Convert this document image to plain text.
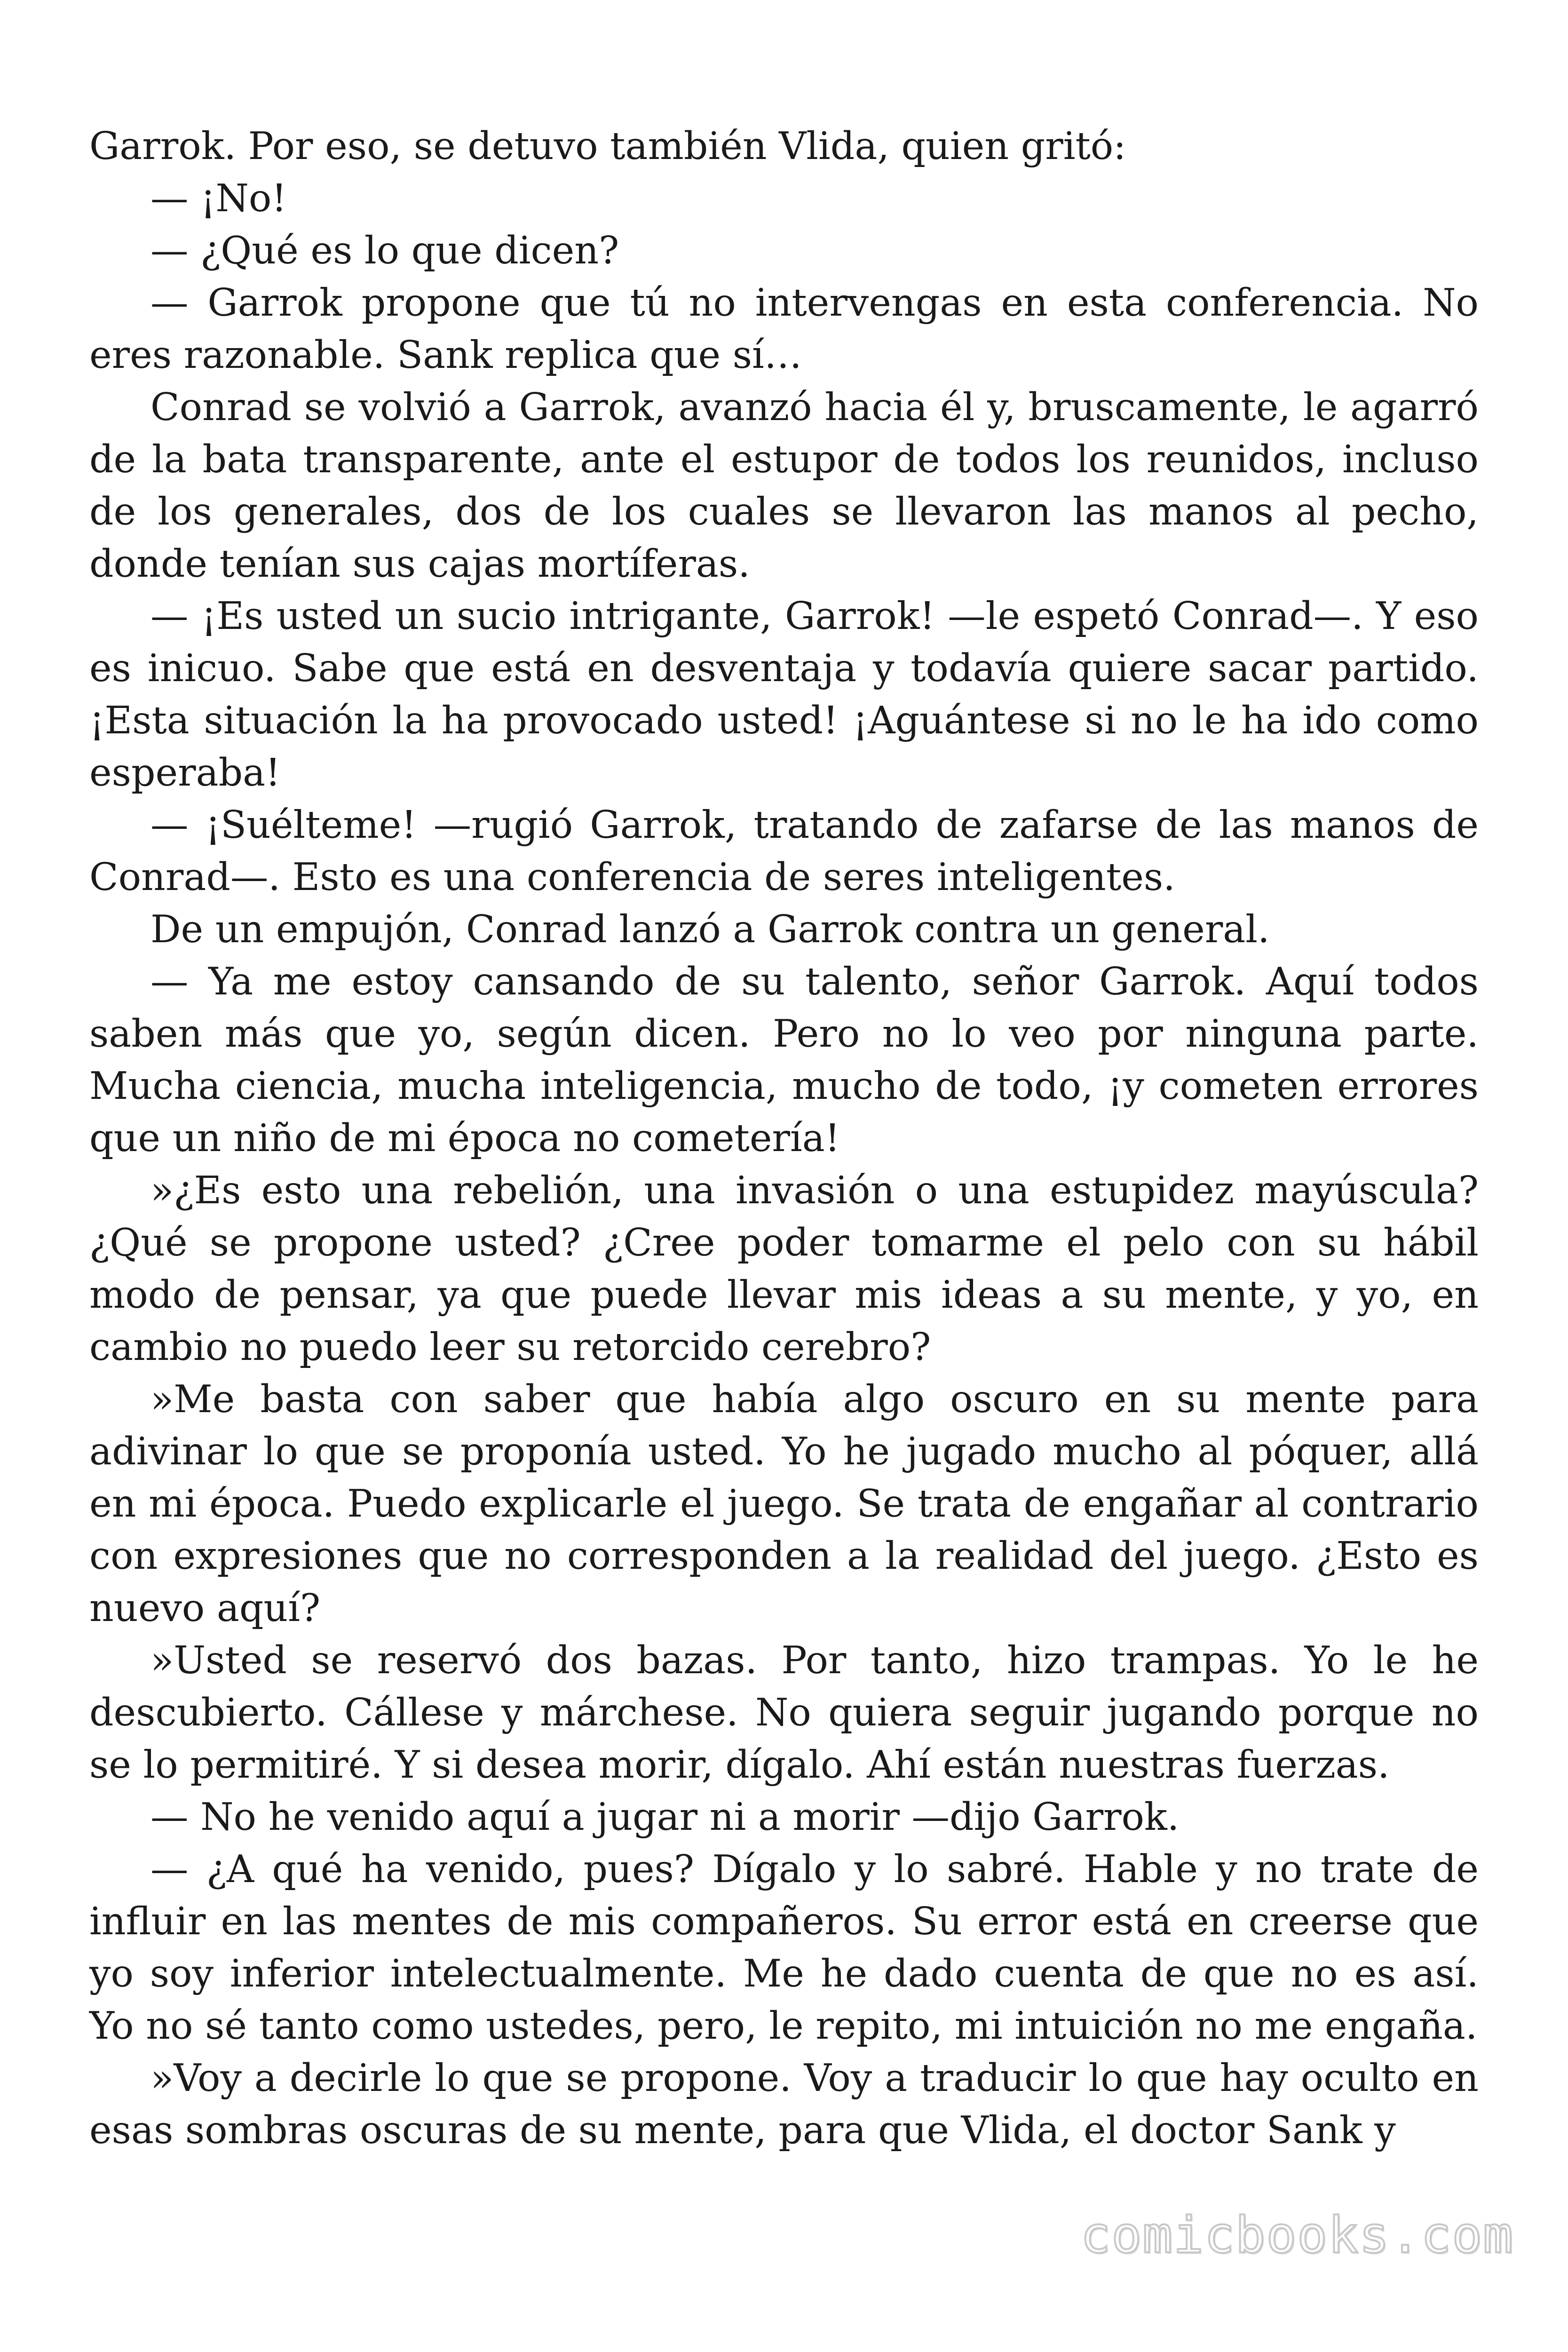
Garrok. Por eso, se detuvo también Vlida, quien gritó:

— ¡No!

— ¿Qué es lo que dicen?

— Garrok propone que tú no intervengas en esta conferencia. No eres razonable. Sank replica que sí…

Conrad se volvió a Garrok, avanzó hacia él y, bruscamente, le agarró de la bata transparente, ante el estupor de todos los reunidos, incluso de los generales, dos de los cuales se llevaron las manos al pecho, donde tenían sus cajas mortíferas.

— ¡Es usted un sucio intrigante, Garrok! —le espetó Conrad—. Y eso es inicuo. Sabe que está en desventaja y todavía quiere sacar partido. ¡Esta situación la ha provocado usted! ¡Aguántese si no le ha ido como esperaba!

— ¡Suélteme! —rugió Garrok, tratando de zafarse de las manos de Conrad—. Esto es una conferencia de seres inteligentes.

De un empujón, Conrad lanzó a Garrok contra un general.

— Ya me estoy cansando de su talento, señor Garrok. Aquí todos saben más que yo, según dicen. Pero no lo veo por ninguna parte. Mucha ciencia, mucha inteligencia, mucho de todo, ¡y cometen errores que un niño de mi época no cometería!

»¿Es esto una rebelión, una invasión o una estupidez mayúscula? ¿Qué se propone usted? ¿Cree poder tomarme el pelo con su hábil modo de pensar, ya que puede llevar mis ideas a su mente, y yo, en cambio no puedo leer su retorcido cerebro?

»Me basta con saber que había algo oscuro en su mente para adivinar lo que se proponía usted. Yo he jugado mucho al póquer, allá en mi época. Puedo explicarle el juego. Se trata de engañar al contrario con expresiones que no corresponden a la realidad del juego. ¿Esto es nuevo aquí?

»Usted se reservó dos bazas. Por tanto, hizo trampas. Yo le he descubierto. Cállese y márchese. No quiera seguir jugando porque no se lo permitiré. Y si desea morir, dígalo. Ahí están nuestras fuerzas.

— No he venido aquí a jugar ni a morir —dijo Garrok.

— ¿A qué ha venido, pues? Dígalo y lo sabré. Hable y no trate de influir en las mentes de mis compañeros. Su error está en creerse que yo soy inferior intelectualmente. Me he dado cuenta de que no es así. Yo no sé tanto como ustedes, pero, le repito, mi intuición no me engaña.

»Voy a decirle lo que se propone. Voy a traducir lo que hay oculto en esas sombras oscuras de su mente, para que Vlida, el doctor Sank y

comicbooks.com
